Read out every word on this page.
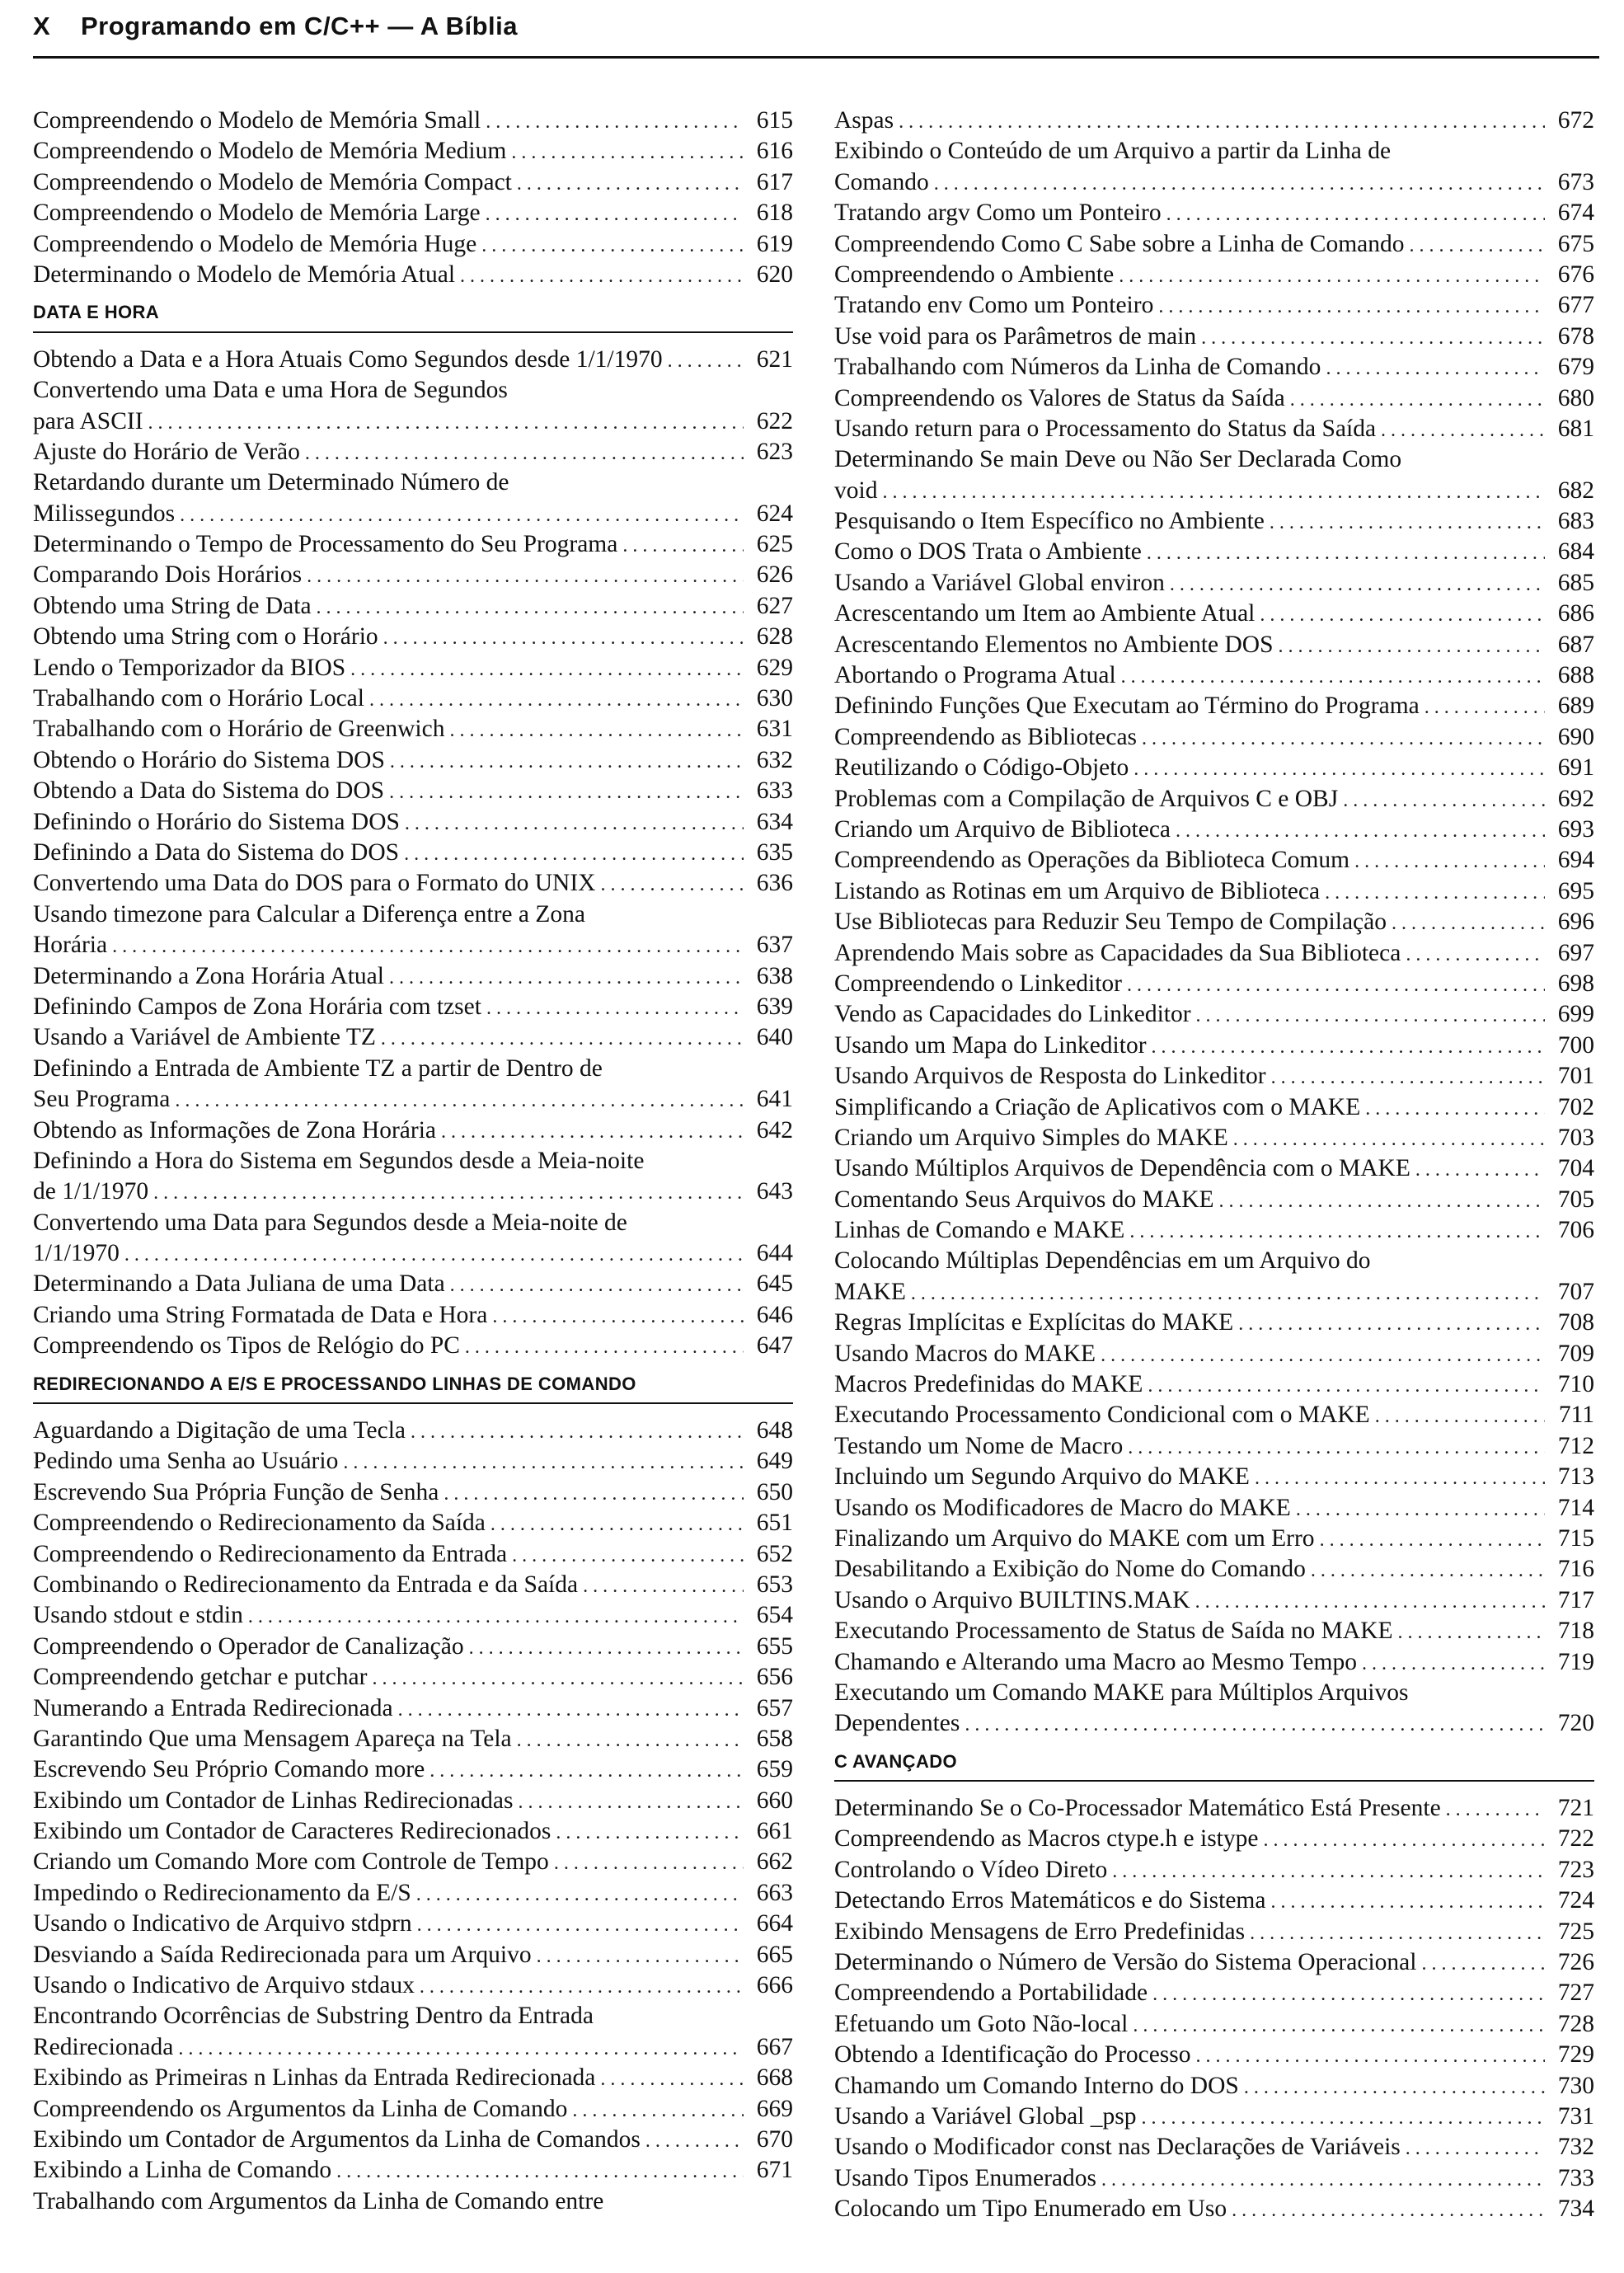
X Programando em C/C++ — A Bíblia
Compreendendo o Modelo de Memória Small . . .	615
Compreendendo o Modelo de Memória Medium . . .	616
Compreendendo o Modelo de Memória Compact . . .	617
Compreendendo o Modelo de Memória Large . . .	618
Compreendendo o Modelo de Memória Huge . . .	619
Determinando o Modelo de Memória Atual . . .	620
DATA E HORA
Obtendo a Data e a Hora Atuais Como Segundos desde 1/1/1970 . . .	621
Convertendo uma Data e uma Hora de Segundos
para ASCII . . .	622
Ajuste do Horário de Verão . . .	623
Retardando durante um Determinado Número de
Milissegundos . . .	624
Determinando o Tempo de Processamento do Seu Programa . . .	625
Comparando Dois Horários . . .	626
Obtendo uma String de Data . . .	627
Obtendo uma String com o Horário . . .	628
Lendo o Temporizador da BIOS . . .	629
Trabalhando com o Horário Local . . .	630
Trabalhando com o Horário de Greenwich . . .	631
Obtendo o Horário do Sistema DOS . . .	632
Obtendo a Data do Sistema do DOS . . .	633
Definindo o Horário do Sistema DOS . . .	634
Definindo a Data do Sistema do DOS . . .	635
Convertendo uma Data do DOS para o Formato do UNIX . . .	636
Usando timezone para Calcular a Diferença entre a Zona
Horária . . .	637
Determinando a Zona Horária Atual . . .	638
Definindo Campos de Zona Horária com tzset . . .	639
Usando a Variável de Ambiente TZ . . .	640
Definindo a Entrada de Ambiente TZ a partir de Dentro de
Seu Programa . . .	641
Obtendo as Informações de Zona Horária . . .	642
Definindo a Hora do Sistema em Segundos desde a Meia-noite
de 1/1/1970 . . .	643
Convertendo uma Data para Segundos desde a Meia-noite de
1/1/1970 . . .	644
Determinando a Data Juliana de uma Data . . .	645
Criando uma String Formatada de Data e Hora . . .	646
Compreendendo os Tipos de Relógio do PC . . .	647
REDIRECIONANDO A E/S E PROCESSANDO LINHAS DE COMANDO
Aguardando a Digitação de uma Tecla . . .	648
Pedindo uma Senha ao Usuário . . .	649
Escrevendo Sua Própria Função de Senha . . .	650
Compreendendo o Redirecionamento da Saída . . .	651
Compreendendo o Redirecionamento da Entrada . . .	652
Combinando o Redirecionamento da Entrada e da Saída . . .	653
Usando stdout e stdin . . .	654
Compreendendo o Operador de Canalização . . .	655
Compreendendo getchar e putchar . . .	656
Numerando a Entrada Redirecionada . . .	657
Garantindo Que uma Mensagem Apareça na Tela . . .	658
Escrevendo Seu Próprio Comando more . . .	659
Exibindo um Contador de Linhas Redirecionadas . . .	660
Exibindo um Contador de Caracteres Redirecionados . . .	661
Criando um Comando More com Controle de Tempo . . .	662
Impedindo o Redirecionamento da E/S . . .	663
Usando o Indicativo de Arquivo stdprn . . .	664
Desviando a Saída Redirecionada para um Arquivo . . .	665
Usando o Indicativo de Arquivo stdaux . . .	666
Encontrando Ocorrências de Substring Dentro da Entrada
Redirecionada . . .	667
Exibindo as Primeiras n Linhas da Entrada Redirecionada . . .	668
Compreendendo os Argumentos da Linha de Comando . . .	669
Exibindo um Contador de Argumentos da Linha de Comandos . . .	670
Exibindo a Linha de Comando . . .	671
Trabalhando com Argumentos da Linha de Comando entre
Aspas . . .	672
Exibindo o Conteúdo de um Arquivo a partir da Linha de
Comando . . .	673
Tratando argv Como um Ponteiro . . .	674
Compreendendo Como C Sabe sobre a Linha de Comando . . .	675
Compreendendo o Ambiente . . .	676
Tratando env Como um Ponteiro . . .	677
Use void para os Parâmetros de main . . .	678
Trabalhando com Números da Linha de Comando . . .	679
Compreendendo os Valores de Status da Saída . . .	680
Usando return para o Processamento do Status da Saída . . .	681
Determinando Se main Deve ou Não Ser Declarada Como
void . . .	682
Pesquisando o Item Específico no Ambiente . . .	683
Como o DOS Trata o Ambiente . . .	684
Usando a Variável Global environ . . .	685
Acrescentando um Item ao Ambiente Atual . . .	686
Acrescentando Elementos no Ambiente DOS . . .	687
Abortando o Programa Atual . . .	688
Definindo Funções Que Executam ao Término do Programa . . .	689
Compreendendo as Bibliotecas . . .	690
Reutilizando o Código-Objeto . . .	691
Problemas com a Compilação de Arquivos C e OBJ . . .	692
Criando um Arquivo de Biblioteca . . .	693
Compreendendo as Operações da Biblioteca Comum . . .	694
Listando as Rotinas em um Arquivo de Biblioteca . . .	695
Use Bibliotecas para Reduzir Seu Tempo de Compilação . . .	696
Aprendendo Mais sobre as Capacidades da Sua Biblioteca . . .	697
Compreendendo o Linkeditor . . .	698
Vendo as Capacidades do Linkeditor . . .	699
Usando um Mapa do Linkeditor . . .	700
Usando Arquivos de Resposta do Linkeditor . . .	701
Simplificando a Criação de Aplicativos com o MAKE . . .	702
Criando um Arquivo Simples do MAKE . . .	703
Usando Múltiplos Arquivos de Dependência com o MAKE . . .	704
Comentando Seus Arquivos do MAKE . . .	705
Linhas de Comando e MAKE . . .	706
Colocando Múltiplas Dependências em um Arquivo do
MAKE . . .	707
Regras Implícitas e Explícitas do MAKE . . .	708
Usando Macros do MAKE . . .	709
Macros Predefinidas do MAKE . . .	710
Executando Processamento Condicional com o MAKE . . .	711
Testando um Nome de Macro . . .	712
Incluindo um Segundo Arquivo do MAKE . . .	713
Usando os Modificadores de Macro do MAKE . . .	714
Finalizando um Arquivo do MAKE com um Erro . . .	715
Desabilitando a Exibição do Nome do Comando . . .	716
Usando o Arquivo BUILTINS.MAK . . .	717
Executando Processamento de Status de Saída no MAKE . . .	718
Chamando e Alterando uma Macro ao Mesmo Tempo . . .	719
Executando um Comando MAKE para Múltiplos Arquivos
Dependentes . . .	720
C AVANÇADO
Determinando Se o Co-Processador Matemático Está Presente . . .	721
Compreendendo as Macros ctype.h e istype . . .	722
Controlando o Vídeo Direto . . .	723
Detectando Erros Matemáticos e do Sistema . . .	724
Exibindo Mensagens de Erro Predefinidas . . .	725
Determinando o Número de Versão do Sistema Operacional . . .	726
Compreendendo a Portabilidade . . .	727
Efetuando um Goto Não-local . . .	728
Obtendo a Identificação do Processo . . .	729
Chamando um Comando Interno do DOS . . .	730
Usando a Variável Global _psp . . .	731
Usando o Modificador const nas Declarações de Variáveis . . .	732
Usando Tipos Enumerados . . .	733
Colocando um Tipo Enumerado em Uso . . .	734
